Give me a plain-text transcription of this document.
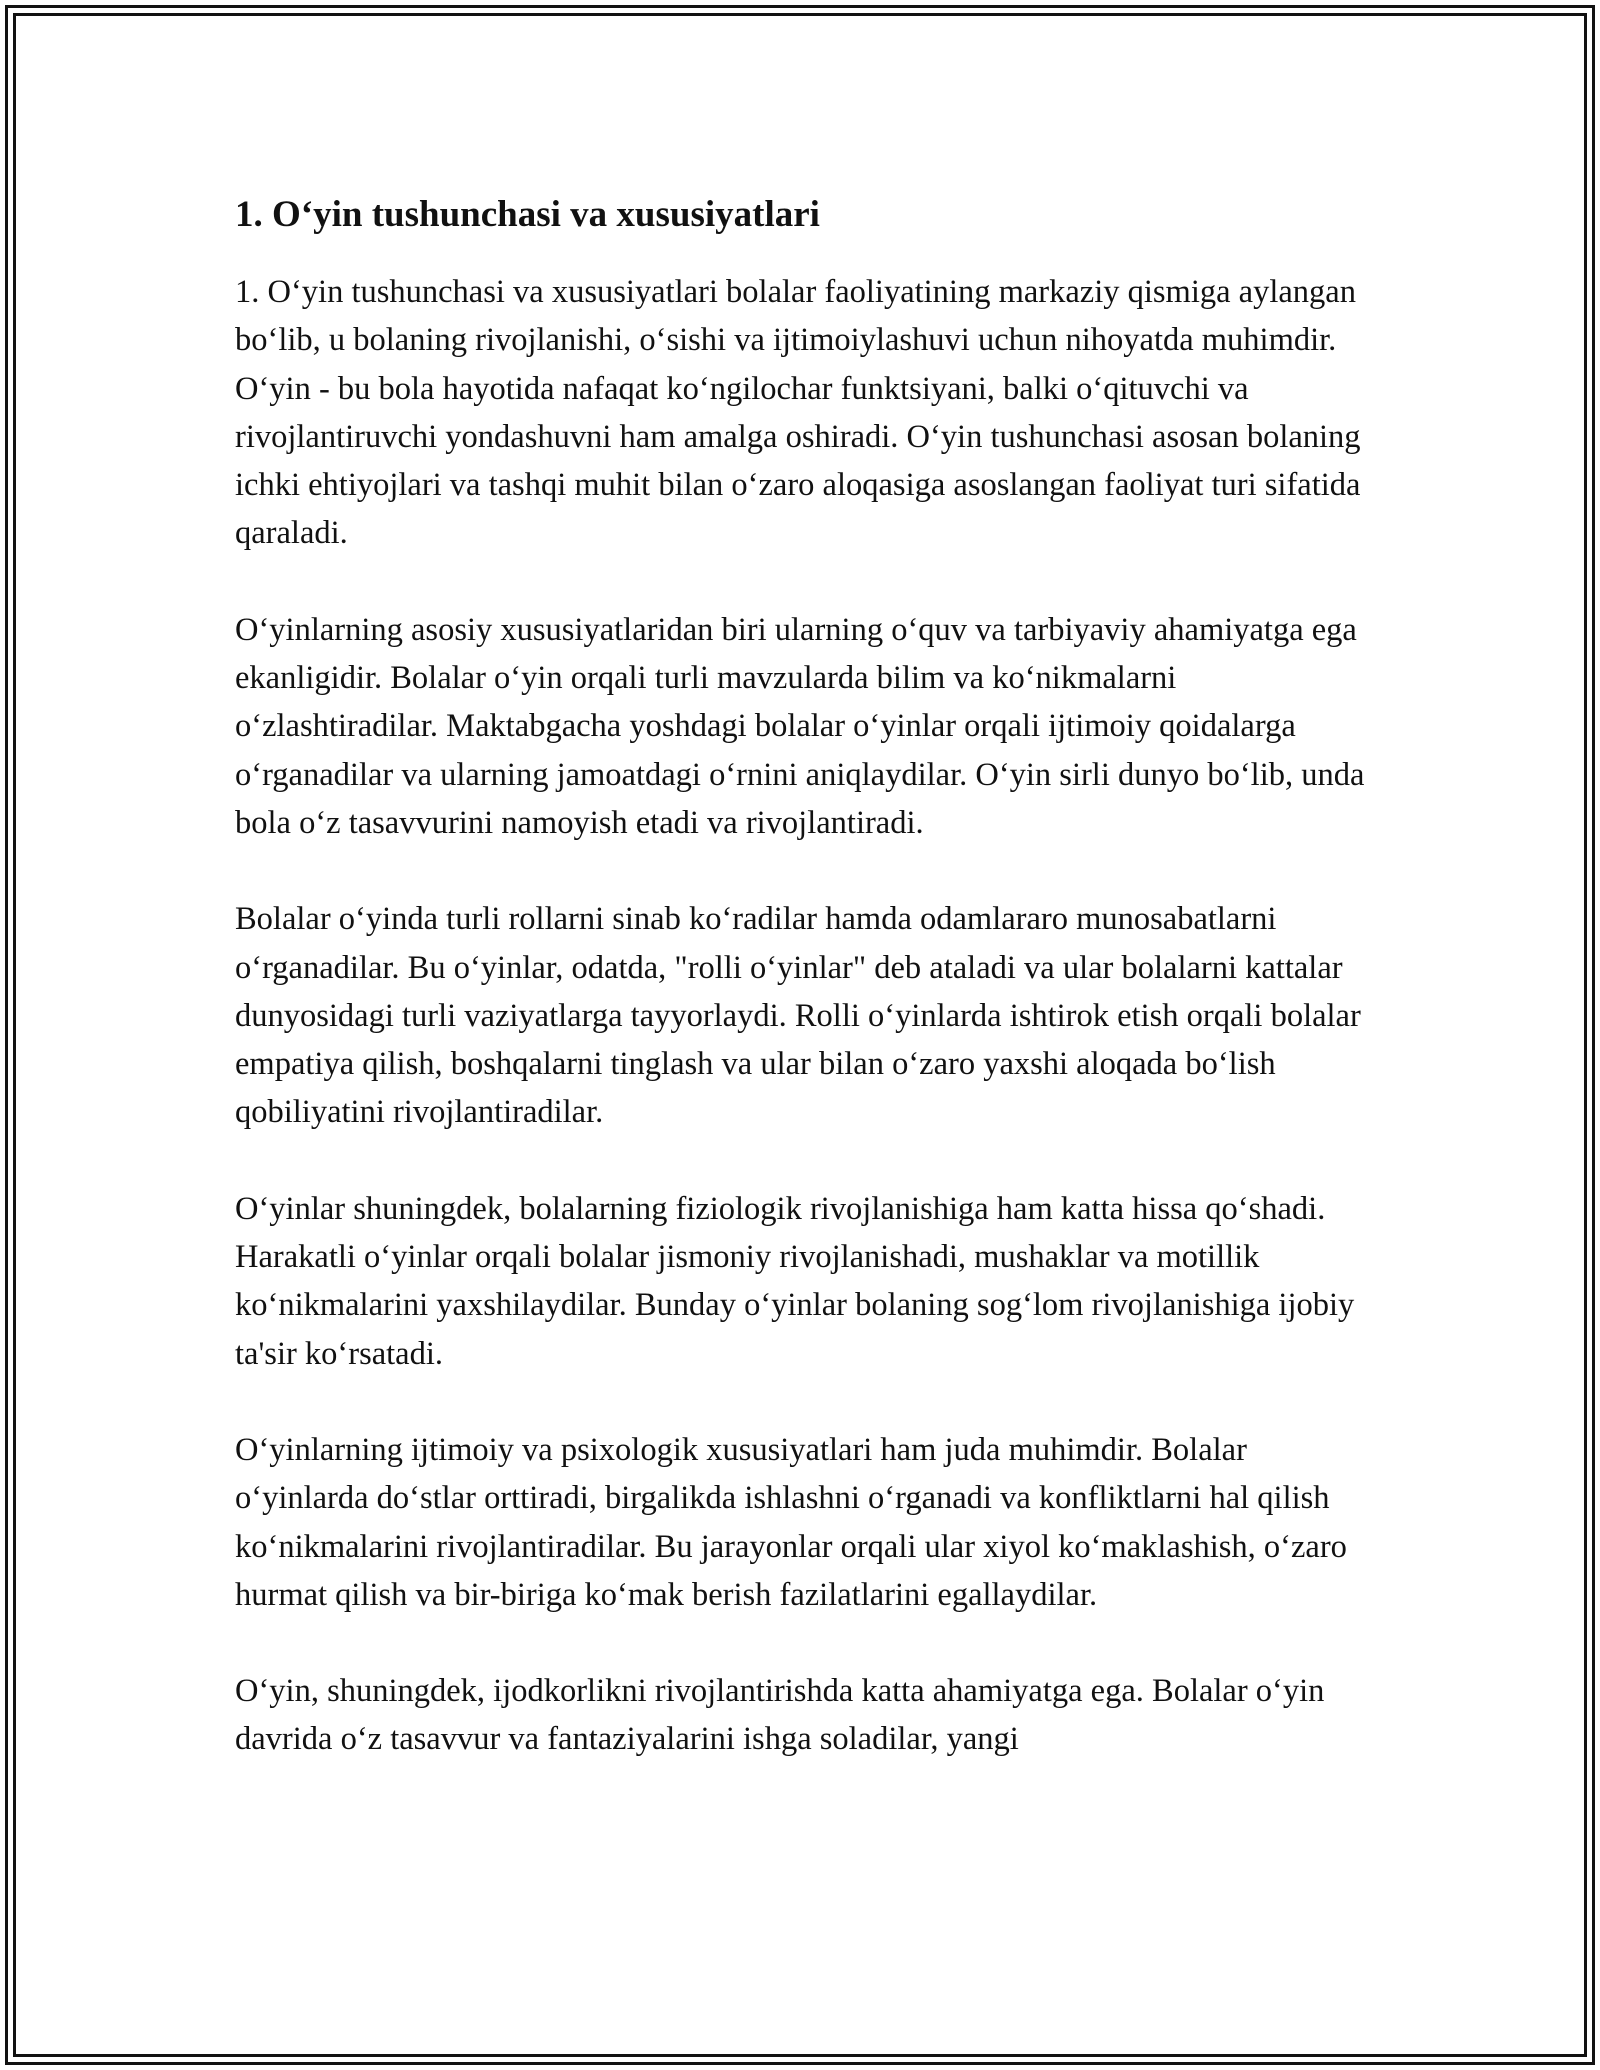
1. O‘yin tushunchasi va xususiyatlari

1. O‘yin tushunchasi va xususiyatlari bolalar faoliyatining markaziy qismiga aylangan bo‘lib, u bolaning rivojlanishi, o‘sishi va ijtimoiylashuvi uchun nihoyatda muhimdir. O‘yin - bu bola hayotida nafaqat ko‘ngilochar funktsiyani, balki o‘qituvchi va rivojlantiruvchi yondashuvni ham amalga oshiradi. O‘yin tushunchasi asosan bolaning ichki ehtiyojlari va tashqi muhit bilan o‘zaro aloqasiga asoslangan faoliyat turi sifatida qaraladi.

O‘yinlarning asosiy xususiyatlaridan biri ularning o‘quv va tarbiyaviy ahamiyatga ega ekanligidir. Bolalar o‘yin orqali turli mavzularda bilim va ko‘nikmalarni o‘zlashtiradilar. Maktabgacha yoshdagi bolalar o‘yinlar orqali ijtimoiy qoidalarga o‘rganadilar va ularning jamoatdagi o‘rnini aniqlaydilar. O‘yin sirli dunyo bo‘lib, unda bola o‘z tasavvurini namoyish etadi va rivojlantiradi.

Bolalar o‘yinda turli rollarni sinab ko‘radilar hamda odamlararo munosabatlarni o‘rganadilar. Bu o‘yinlar, odatda, "rolli o‘yinlar" deb ataladi va ular bolalarni kattalar dunyosidagi turli vaziyatlarga tayyorlaydi. Rolli o‘yinlarda ishtirok etish orqali bolalar empatiya qilish, boshqalarni tinglash va ular bilan o‘zaro yaxshi aloqada bo‘lish qobiliyatini rivojlantiradilar.

O‘yinlar shuningdek, bolalarning fiziologik rivojlanishiga ham katta hissa qo‘shadi. Harakatli o‘yinlar orqali bolalar jismoniy rivojlanishadi, mushaklar va motillik ko‘nikmalarini yaxshilaydilar. Bunday o‘yinlar bolaning sog‘lom rivojlanishiga ijobiy ta'sir ko‘rsatadi.

O‘yinlarning ijtimoiy va psixologik xususiyatlari ham juda muhimdir. Bolalar o‘yinlarda do‘stlar orttiradi, birgalikda ishlashni o‘rganadi va konfliktlarni hal qilish ko‘nikmalarini rivojlantiradilar. Bu jarayonlar orqali ular xiyol ko‘maklashish, o‘zaro hurmat qilish va bir-biriga ko‘mak berish fazilatlarini egallaydilar.

O‘yin, shuningdek, ijodkorlikni rivojlantirishda katta ahamiyatga ega. Bolalar o‘yin davrida o‘z tasavvur va fantaziyalarini ishga soladilar, yangi
